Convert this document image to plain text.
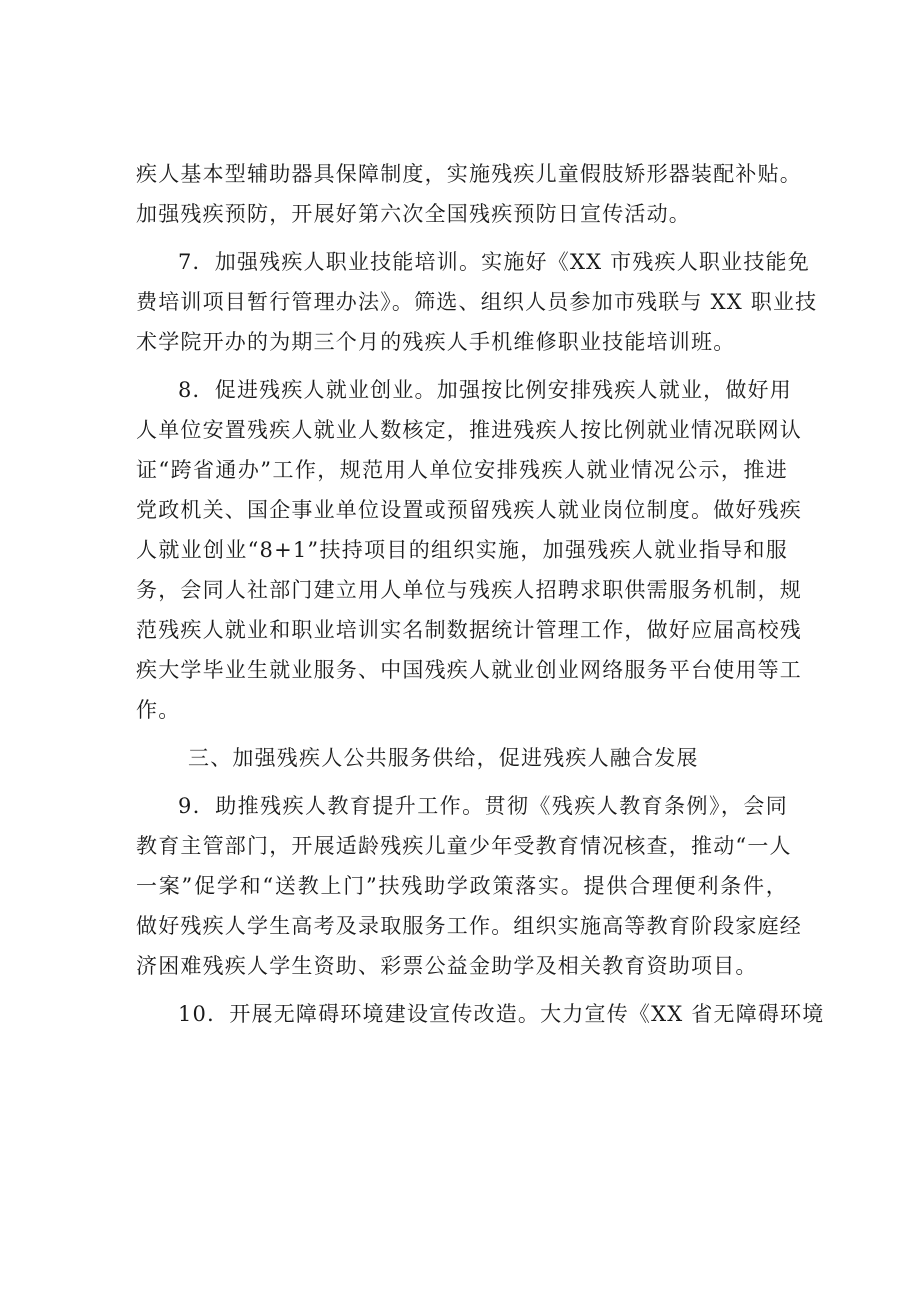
疾人基本型辅助器具保障制度，实施残疾儿童假肢矫形器装配补贴。
加强残疾预防，开展好第六次全国残疾预防日宣传活动。
7．加强残疾人职业技能培训。实施好《XX 市残疾人职业技能免
费培训项目暂行管理办法》。筛选、组织人员参加市残联与 XX 职业技
术学院开办的为期三个月的残疾人手机维修职业技能培训班。
8．促进残疾人就业创业。加强按比例安排残疾人就业，做好用
人单位安置残疾人就业人数核定，推进残疾人按比例就业情况联网认
证“跨省通办”工作，规范用人单位安排残疾人就业情况公示，推进
党政机关、国企事业单位设置或预留残疾人就业岗位制度。做好残疾
人就业创业“8+1”扶持项目的组织实施，加强残疾人就业指导和服
务，会同人社部门建立用人单位与残疾人招聘求职供需服务机制，规
范残疾人就业和职业培训实名制数据统计管理工作，做好应届高校残
疾大学毕业生就业服务、中国残疾人就业创业网络服务平台使用等工
作。
三、加强残疾人公共服务供给，促进残疾人融合发展
9．助推残疾人教育提升工作。贯彻《残疾人教育条例》，会同
教育主管部门，开展适龄残疾儿童少年受教育情况核查，推动“一人
一案”促学和“送教上门”扶残助学政策落实。提供合理便利条件，
做好残疾人学生高考及录取服务工作。组织实施高等教育阶段家庭经
济困难残疾人学生资助、彩票公益金助学及相关教育资助项目。
10．开展无障碍环境建设宣传改造。大力宣传《XX 省无障碍环境
